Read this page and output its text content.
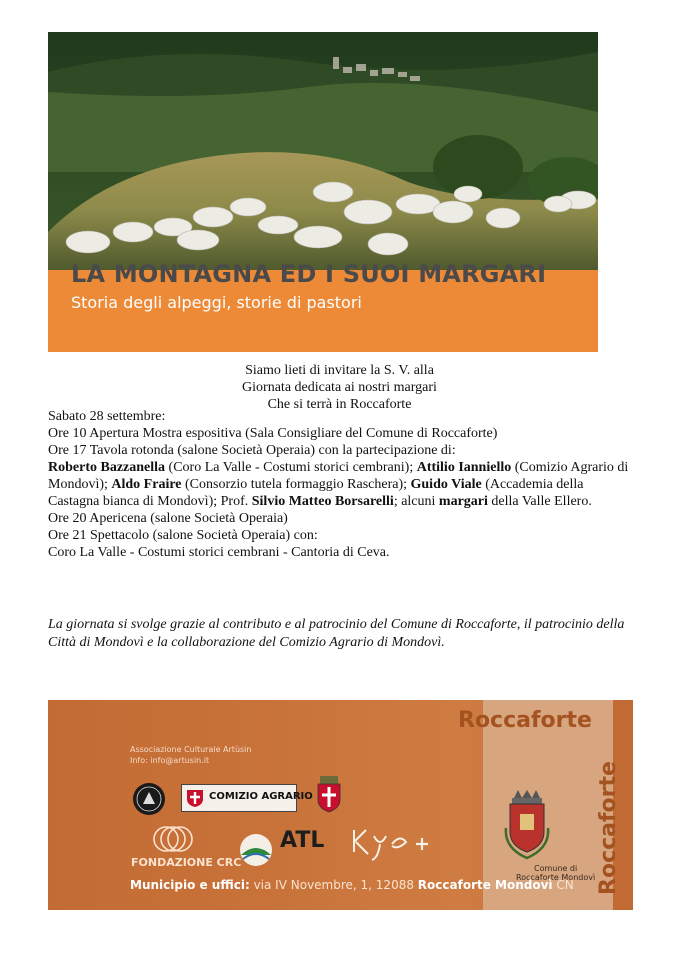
LA MONTAGNA ED I SUOI MARGARI
Storia degli alpeggi, storie di pastori
Siamo lieti di invitare la S. V. alla
Giornata dedicata ai nostri margari
Che si terrà in Roccaforte

Sabato 28 settembre:

Ore 10 Apertura Mostra espositiva (Sala Consigliare del Comune di Roccaforte)

Ore 17 Tavola rotonda (salone Società Operaia) con la partecipazione di:

Roberto Bazzanella (Coro La Valle - Costumi storici cembrani); Attilio Ianniello (Comizio Agrario di Mondovì); Aldo Fraire (Consorzio tutela formaggio Raschera); Guido Viale (Accademia della Castagna bianca di Mondovì); Prof. Silvio Matteo Borsarelli; alcuni margari della Valle Ellero.

Ore 20 Apericena (salone Società Operaia)

Ore 21 Spettacolo (salone Società Operaia) con:

Coro La Valle - Costumi storici cembrani - Cantoria di Ceva.

La giornata si svolge grazie al contributo e al patrocinio del Comune di Roccaforte, il patrocinio della Città di Mondovì e la collaborazione del Comizio Agrario di Mondovì.
Roccaforte
Roccaforte
Associazione Culturale Artùsin
Info: info@artusin.it
COMIZIO AGRARIO
FONDAZIONE CRC
ATL
Comune di
Roccaforte Mondovì
Municipio e uffici: via IV Novembre, 1, 12088 Roccaforte Mondovì CN
